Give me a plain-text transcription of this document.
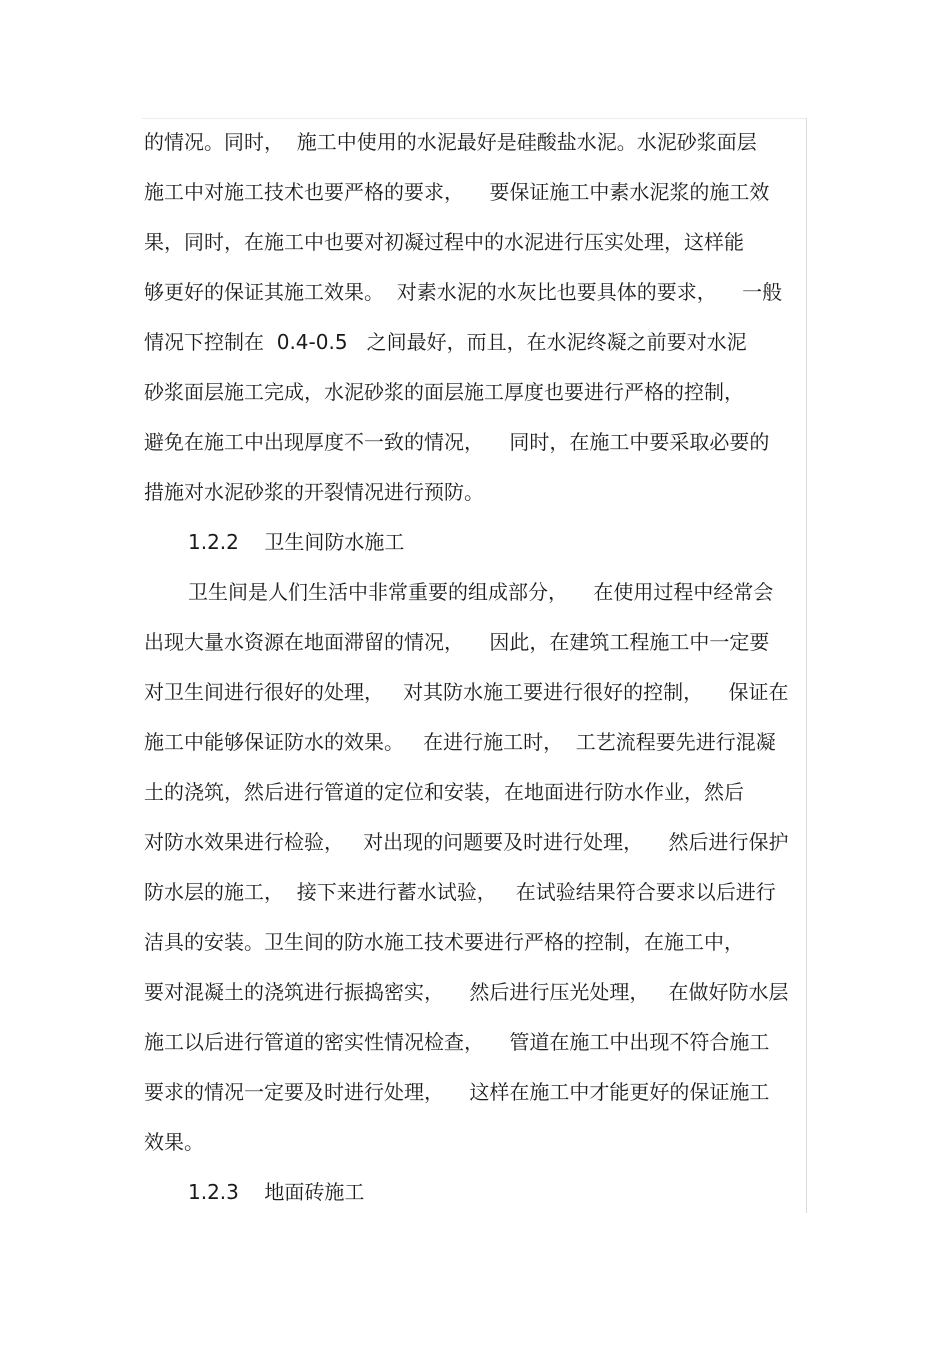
的情况。同时，  施工中使用的水泥最好是硅酸盐水泥。水泥砂浆面层
施工中对施工技术也要严格的要求，    要保证施工中素水泥浆的施工效
果，同时，在施工中也要对初凝过程中的水泥进行压实处理，这样能
够更好的保证其施工效果。  对素水泥的水灰比也要具体的要求，    一般
情况下控制在  0.4-0.5   之间最好，而且，在水泥终凝之前要对水泥
砂浆面层施工完成，水泥砂浆的面层施工厚度也要进行严格的控制，
避免在施工中出现厚度不一致的情况，    同时，在施工中要采取必要的
措施对水泥砂浆的开裂情况进行预防。
1.2.2    卫生间防水施工
卫生间是人们生活中非常重要的组成部分，    在使用过程中经常会
出现大量水资源在地面滞留的情况，    因此，在建筑工程施工中一定要
对卫生间进行很好的处理，   对其防水施工要进行很好的控制，    保证在
施工中能够保证防水的效果。   在进行施工时，  工艺流程要先进行混凝
土的浇筑，然后进行管道的定位和安装，在地面进行防水作业，然后
对防水效果进行检验，   对出现的问题要及时进行处理，    然后进行保护
防水层的施工，  接下来进行蓄水试验，   在试验结果符合要求以后进行
洁具的安装。卫生间的防水施工技术要进行严格的控制，在施工中，
要对混凝土的浇筑进行振捣密实，    然后进行压光处理，   在做好防水层
施工以后进行管道的密实性情况检查，    管道在施工中出现不符合施工
要求的情况一定要及时进行处理，    这样在施工中才能更好的保证施工
效果。
1.2.3    地面砖施工
